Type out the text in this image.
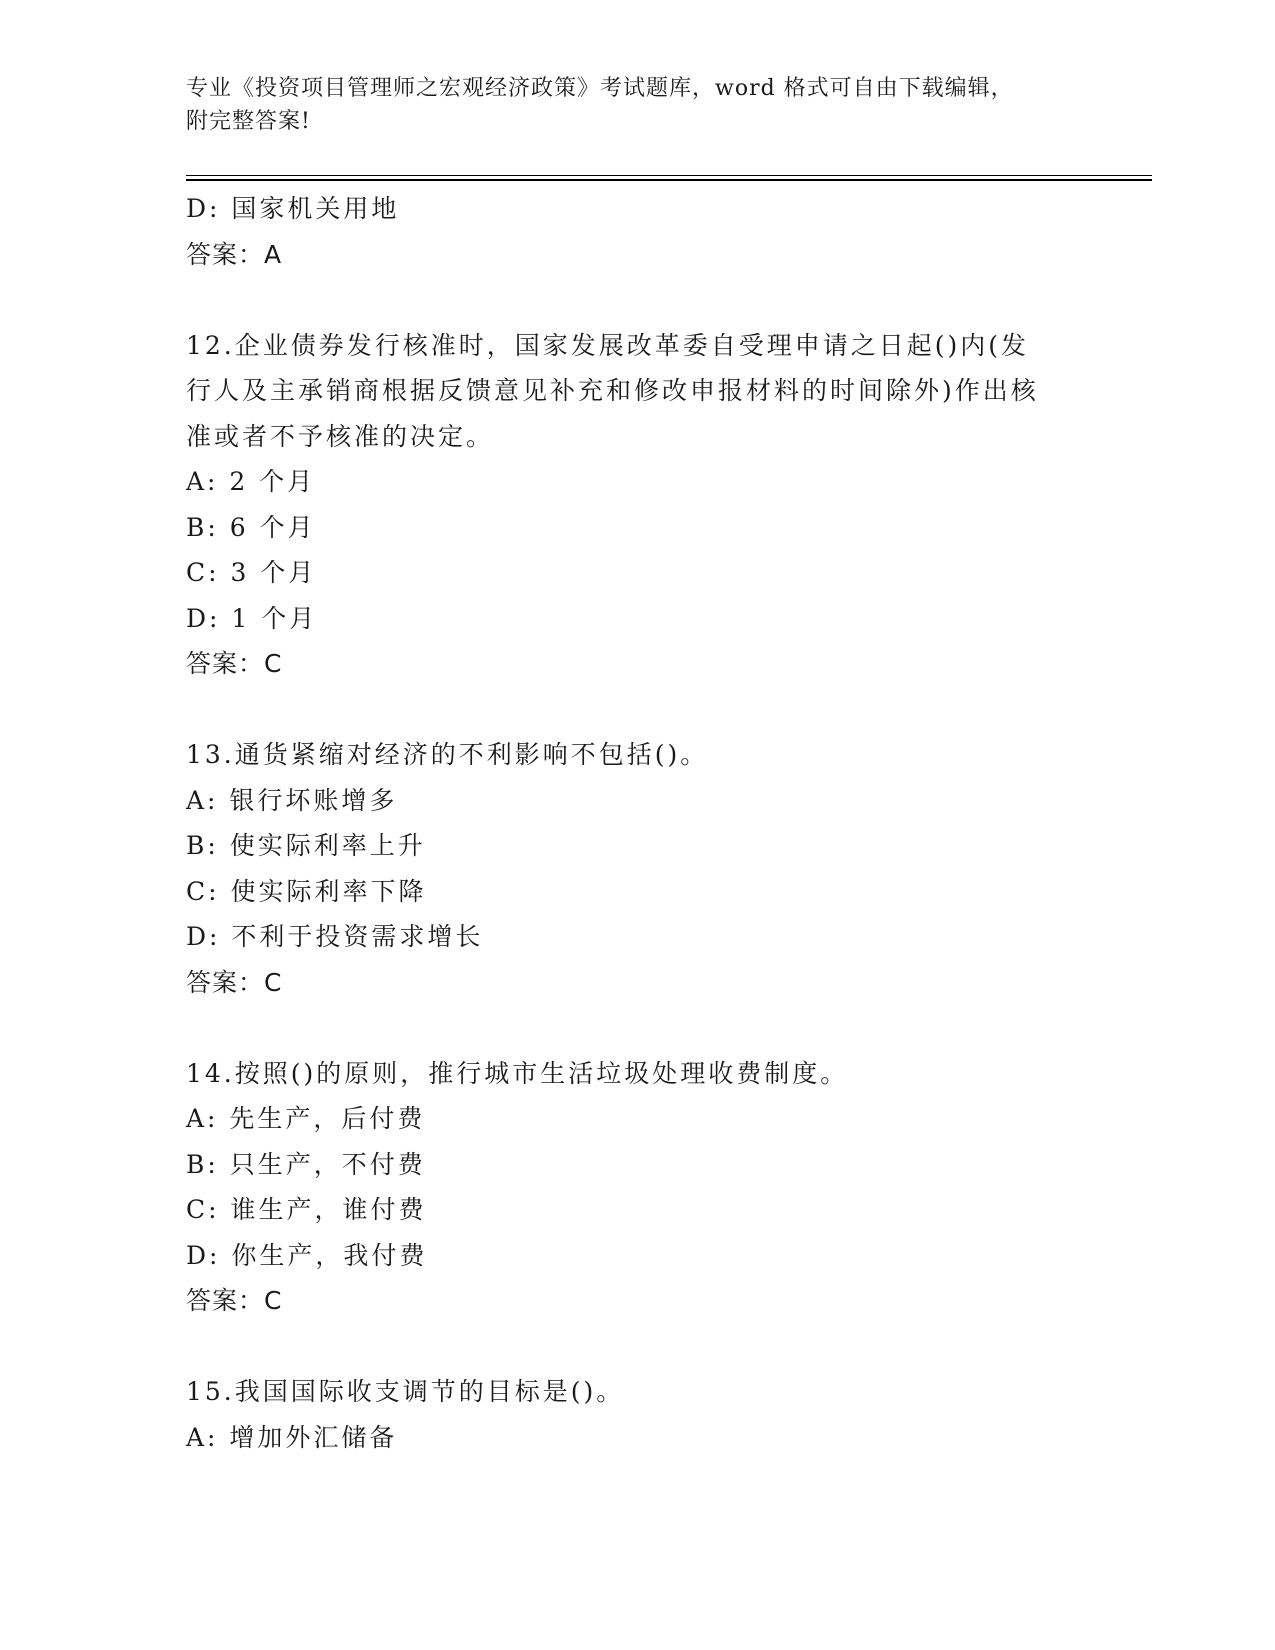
专业《投资项目管理师之宏观经济政策》考试题库，word 格式可自由下载编辑，
附完整答案!
D: 国家机关用地
答案：A
12.企业债券发行核准时，国家发展改革委自受理申请之日起()内(发
行人及主承销商根据反馈意见补充和修改申报材料的时间除外)作出核
准或者不予核准的决定。
A: 2 个月
B: 6 个月
C: 3 个月
D: 1 个月
答案：C
13.通货紧缩对经济的不利影响不包括()。
A: 银行坏账增多
B: 使实际利率上升
C: 使实际利率下降
D: 不利于投资需求增长
答案：C
14.按照()的原则，推行城市生活垃圾处理收费制度。
A: 先生产，后付费
B: 只生产，不付费
C: 谁生产，谁付费
D: 你生产，我付费
答案：C
15.我国国际收支调节的目标是()。
A: 增加外汇储备
